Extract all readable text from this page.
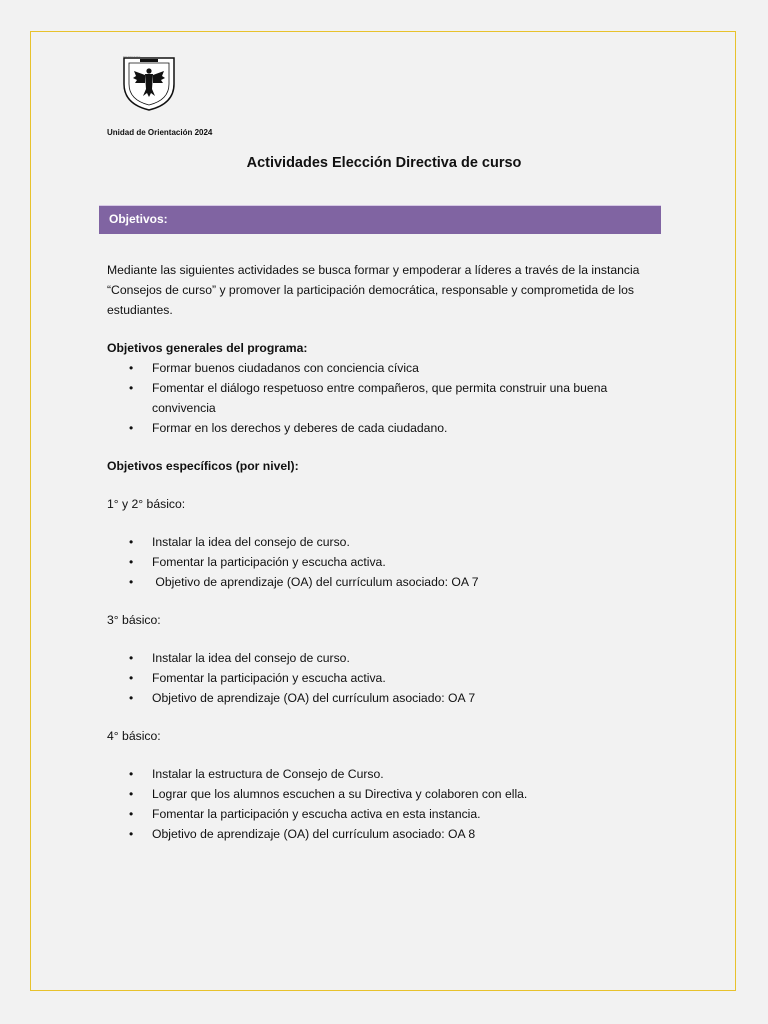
ESCUELA REPÚBLICA DE ALEMANIA
Unidad de Orientación 2024
Actividades Elección Directiva de curso
Objetivos:

Mediante las siguientes actividades se busca formar y empoderar a líderes a través de la instancia “Consejos de curso” y promover la participación democrática, responsable y comprometida de los estudiantes.

Objetivos generales del programa:

• Formar buenos ciudadanos con conciencia cívica
• Fomentar el diálogo respetuoso entre compañeros, que permita construir una buena convivencia
• Formar en los derechos y deberes de cada ciudadano.

Objetivos específicos (por nivel):

1° y 2° básico:

• Instalar la idea del consejo de curso.
• Fomentar la participación y escucha activa.
•  Objetivo de aprendizaje (OA) del currículum asociado: OA 7

3° básico:

• Instalar la idea del consejo de curso.
• Fomentar la participación y escucha activa.
• Objetivo de aprendizaje (OA) del currículum asociado: OA 7

4° básico:

• Instalar la estructura de Consejo de Curso.
• Lograr que los alumnos escuchen a su Directiva y colaboren con ella.
• Fomentar la participación y escucha activa en esta instancia.
• Objetivo de aprendizaje (OA) del currículum asociado: OA 8
